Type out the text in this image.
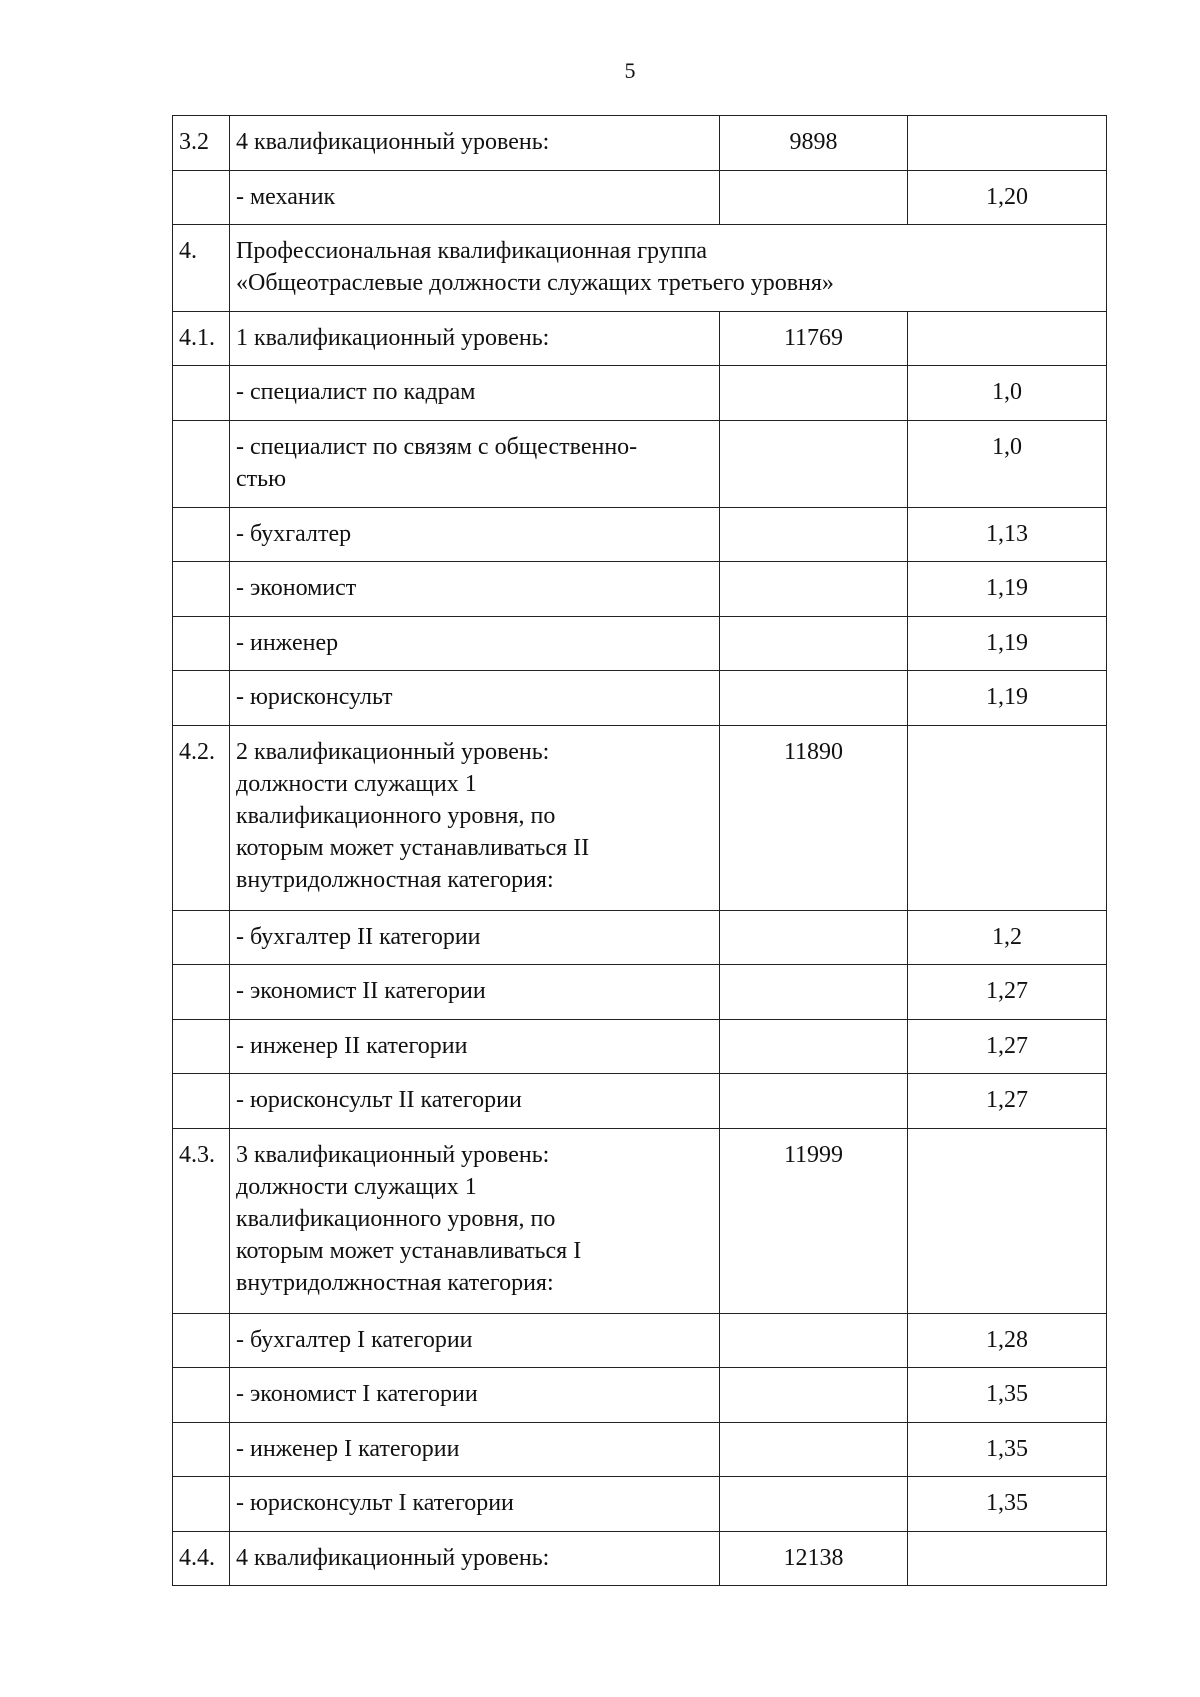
5
3.2	4 квалификационный уровень:	9898	
	- механик		1,20
4.	Профессиональная квалификационная группа
«Общеотраслевые должности служащих третьего уровня»		
4.1.	1 квалификационный уровень:	11769	
	- специалист по кадрам		1,0
	- специалист по связям с общественно-
стью		1,0
	- бухгалтер		1,13
	- экономист		1,19
	- инженер		1,19
	- юрисконсульт		1,19
4.2.	2 квалификационный уровень:
должности служащих 1
квалификационного уровня, по
которым может устанавливаться II
внутридолжностная категория:	11890	
	- бухгалтер II категории		1,2
	- экономист II категории		1,27
	- инженер II категории		1,27
	- юрисконсульт II категории		1,27
4.3.	3 квалификационный уровень:
должности служащих 1
квалификационного уровня, по
которым может устанавливаться I
внутридолжностная категория:	11999	
	- бухгалтер I категории		1,28
	- экономист I категории		1,35
	- инженер I категории		1,35
	- юрисконсульт I категории		1,35
4.4.	4 квалификационный уровень:	12138	
